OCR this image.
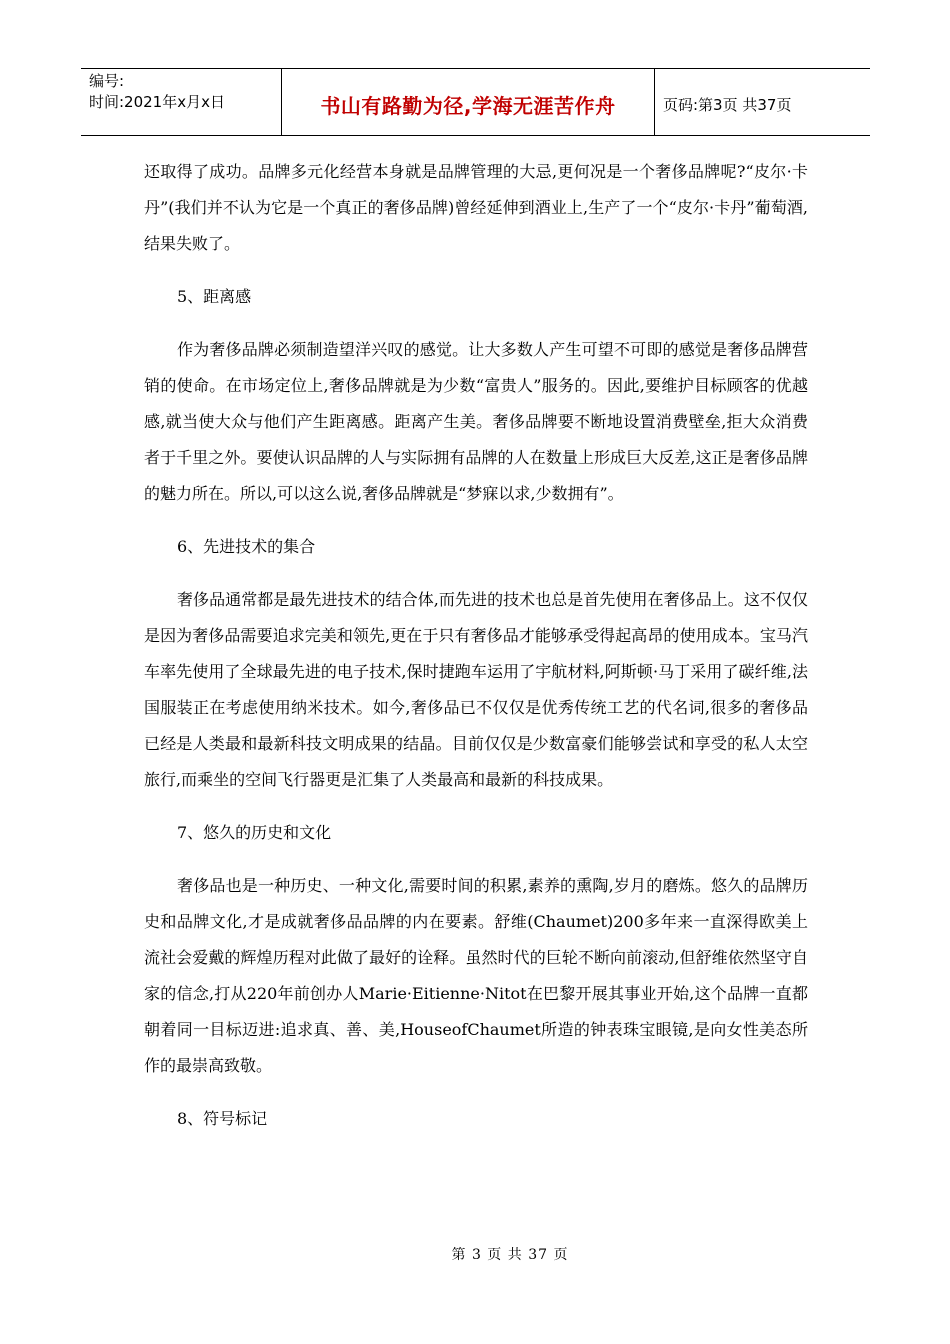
编号:
时间:2021年x月x日	书山有路勤为径,学海无涯苦作舟	页码:第3页 共37页

还取得了成功。品牌多元化经营本身就是品牌管理的大忌,更何况是一个奢侈品牌呢?“皮尔·卡丹”(我们并不认为它是一个真正的奢侈品牌)曾经延伸到酒业上,生产了一个“皮尔·卡丹”葡萄酒,结果失败了。

5、距离感

作为奢侈品牌必须制造望洋兴叹的感觉。让大多数人产生可望不可即的感觉是奢侈品牌营销的使命。在市场定位上,奢侈品牌就是为少数“富贵人”服务的。因此,要维护目标顾客的优越感,就当使大众与他们产生距离感。距离产生美。奢侈品牌要不断地设置消费壁垒,拒大众消费者于千里之外。要使认识品牌的人与实际拥有品牌的人在数量上形成巨大反差,这正是奢侈品牌的魅力所在。所以,可以这么说,奢侈品牌就是“梦寐以求,少数拥有”。

6、先进技术的集合

奢侈品通常都是最先进技术的结合体,而先进的技术也总是首先使用在奢侈品上。这不仅仅是因为奢侈品需要追求完美和领先,更在于只有奢侈品才能够承受得起高昂的使用成本。宝马汽车率先使用了全球最先进的电子技术,保时捷跑车运用了宇航材料,阿斯顿·马丁采用了碳纤维,法国服装正在考虑使用纳米技术。如今,奢侈品已不仅仅是优秀传统工艺的代名词,很多的奢侈品已经是人类最和最新科技文明成果的结晶。目前仅仅是少数富豪们能够尝试和享受的私人太空旅行,而乘坐的空间飞行器更是汇集了人类最高和最新的科技成果。

7、悠久的历史和文化

奢侈品也是一种历史、一种文化,需要时间的积累,素养的熏陶,岁月的磨炼。悠久的品牌历史和品牌文化,才是成就奢侈品品牌的内在要素。舒维(Chaumet)200多年来一直深得欧美上流社会爱戴的辉煌历程对此做了最好的诠释。虽然时代的巨轮不断向前滚动,但舒维依然坚守自家的信念,打从220年前创办人Marie·Eitienne·Nitot在巴黎开展其事业开始,这个品牌一直都朝着同一目标迈进:追求真、善、美,HouseofChaumet所造的钟表珠宝眼镜,是向女性美态所作的最崇高致敬。

8、符号标记
第 3 页 共 37 页
